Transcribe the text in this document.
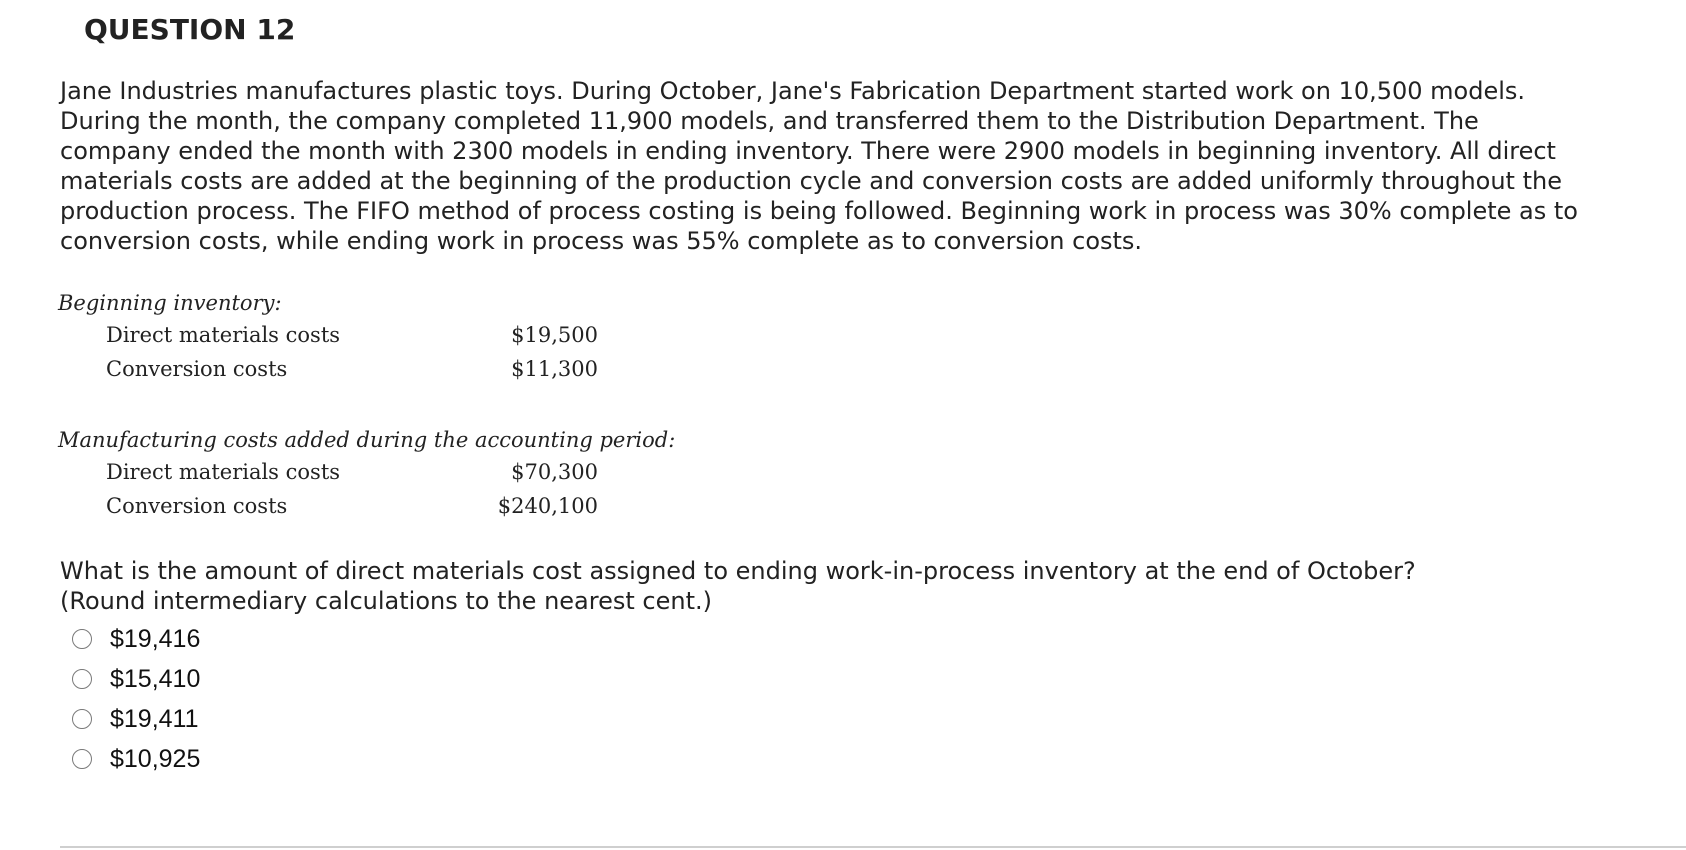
QUESTION 12

Jane Industries manufactures plastic toys. During October, Jane's Fabrication Department started work on 10,500 models.

During the month, the company completed 11,900 models, and transferred them to the Distribution Department. The

company ended the month with 2300 models in ending inventory. There were 2900 models in beginning inventory. All direct

materials costs are added at the beginning of the production cycle and conversion costs are added uniformly throughout the

production process. The FIFO method of process costing is being followed. Beginning work in process was 30% complete as to

conversion costs, while ending work in process was 55% complete as to conversion costs.

Beginning inventory:
Direct materials costs	$19,500
Conversion costs	$11,300
Manufacturing costs added during the accounting period:
Direct materials costs	$70,300
Conversion costs	$240,100
What is the amount of direct materials cost assigned to ending work-in-process inventory at the end of October?
(Round intermediary calculations to the nearest cent.)
$19,416
$15,410
$19,411
$10,925
